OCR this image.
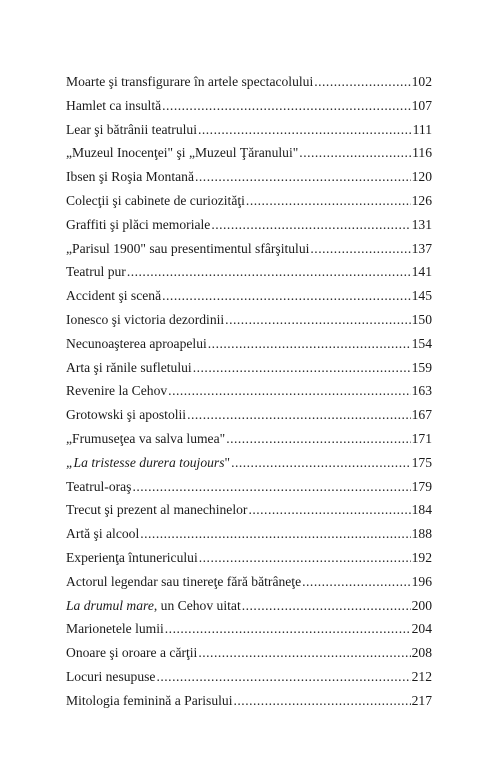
Moarte şi transfigurare în artele spectacolului .....	102
Hamlet ca insultă .....	107
Lear şi bătrânii teatrului .....	111
„Muzeul Inocenţei" şi „Muzeul Ţăranului" .....	116
Ibsen şi Roşia Montană .....	120
Colecţii şi cabinete de curiozităţi .....	126
Graffiti şi plăci memoriale .....	131
„Parisul 1900" sau presentimentul sfârşitului .....	137
Teatrul pur .....	141
Accident şi scenă .....	145
Ionesco şi victoria dezordinii .....	150
Necunoaşterea aproapelui .....	154
Arta şi rănile sufletului .....	159
Revenire la Cehov .....	163
Grotowski şi apostolii .....	167
„Frumuseţea va salva lumea" .....	171
„La tristesse durera toujours" .....	175
Teatrul-oraş .....	179
Trecut şi prezent al manechinelor .....	184
Artă şi alcool .....	188
Experienţa întunericului .....	192
Actorul legendar sau tinereţe fără bătrâneţe .....	196
La drumul mare, un Cehov uitat .....	200
Marionetele lumii .....	204
Onoare şi oroare a cărţii .....	208
Locuri nesupuse .....	212
Mitologia feminină a Parisului .....	217
